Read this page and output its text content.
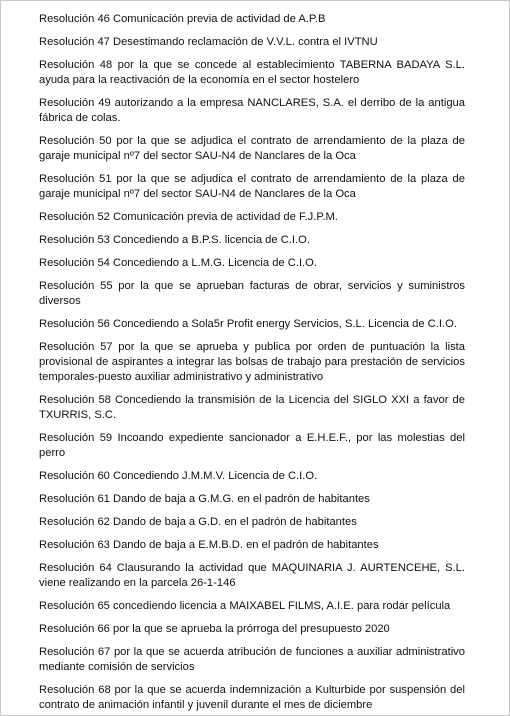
Resolución 46 Comunicación previa de actividad de A.P.B

Resolución 47 Desestimando reclamación de V.V.L. contra el IVTNU

Resolución 48 por la que se concede al establecimiento TABERNA BADAYA S.L. ayuda para la reactivación de la economía en el sector hostelero

Resolución 49 autorizando a la empresa NANCLARES, S.A. el derribo de la antigua fábrica de colas.

Resolución 50 por la que se adjudica el contrato de arrendamiento de la plaza de garaje municipal nº7 del sector SAU-N4 de Nanclares de la Oca

Resolución 51 por la que se adjudica el contrato de arrendamiento de la plaza de garaje municipal nº7 del sector SAU-N4 de Nanclares de la Oca

Resolución 52 Comunicación previa de actividad de F.J.P.M.

Resolución 53 Concediendo a B.P.S. licencia de C.I.O.

Resolución 54 Concediendo a L.M.G. Licencia de C.I.O.

Resolución 55 por la que se aprueban facturas de obrar, servicios y suministros diversos

Resolución 56 Concediendo a Sola5r Profit energy Servicios, S.L. Licencia de C.I.O.

Resolución 57 por la que se aprueba y publica por orden de puntuación la lista provisional de aspirantes a integrar las bolsas de trabajo para prestación de servicios temporales-puesto auxiliar administrativo y administrativo

Resolución 58 Concediendo la transmisión de la Licencia del SIGLO XXI a favor de TXURRIS, S.C.

Resolución 59 Incoando expediente sancionador a E.H.E.F., por las molestias del perro

Resolución 60 Concediendo J.M.M.V. Licencia de C.I.O.

Resolución 61 Dando de baja a G.M.G. en el padrón de habitantes

Resolución 62 Dando de baja a G.D. en el padrón de habitantes

Resolución 63 Dando de baja a E.M.B.D. en el padrón de habitantes

Resolución 64 Clausurando la actividad que MAQUINARIA J. AURTENCEHE, S.L. viene realizando en la parcela 26-1-146

Resolución 65 concediendo licencia a MAIXABEL FILMS, A.I.E. para rodar película

Resolución 66 por la que se aprueba la prórroga del presupuesto 2020

Resolución 67 por la que se acuerda atribución de funciones a auxiliar administrativo mediante comisión de servicios

Resolución 68 por la que se acuerda indemnización a Kulturbide por suspensión del contrato de animación infantil y juvenil durante el mes de diciembre
